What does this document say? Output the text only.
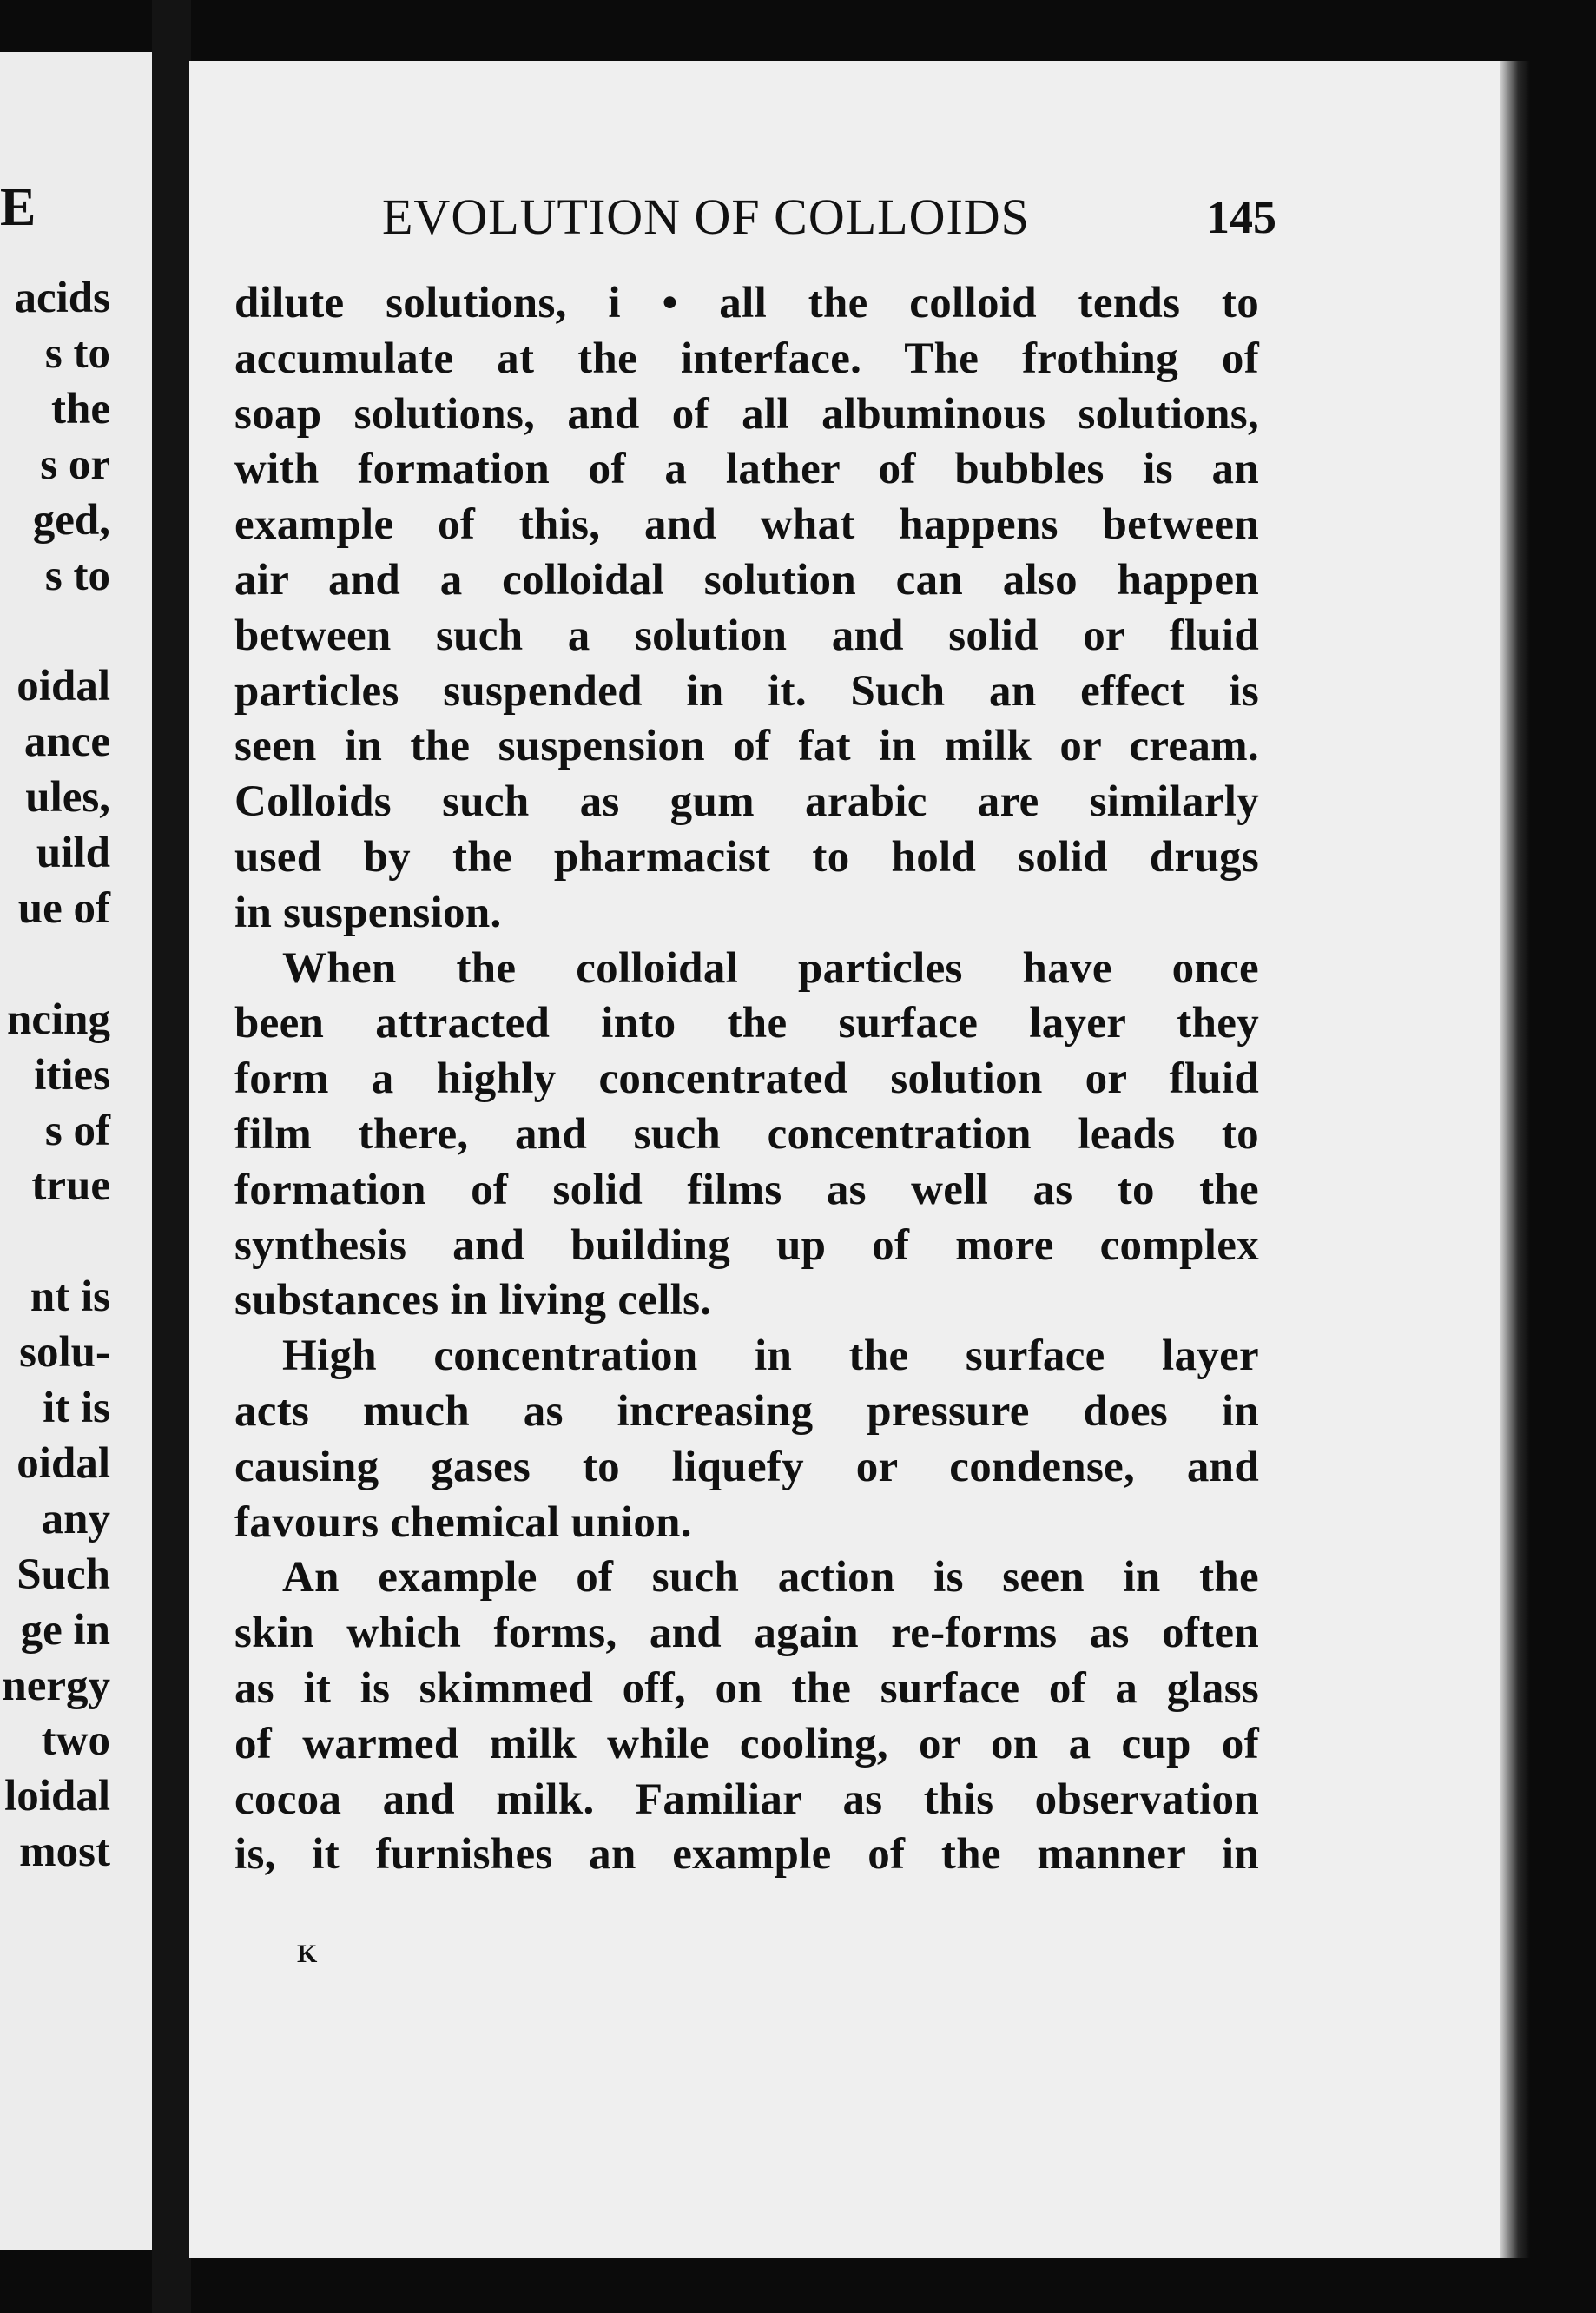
E
acids
s to
the
s or
ged,
s to
oidal
ance
ules,
uild
ue of
ncing
ities
s of
true
nt is
solu-
it is
oidal
any
Such
ge in
nergy
two
loidal
most
EVOLUTION OF COLLOIDS	145
dilute solutions, i • all the colloid tends to
accumulate at the interface. The frothing of
soap solutions, and of all albuminous solutions,
with formation of a lather of bubbles is an
example of this, and what happens between
air and a colloidal solution can also happen
between such a solution and solid or fluid
particles suspended in it. Such an effect is
seen in the suspension of fat in milk or cream.
Colloids such as gum arabic are similarly
used by the pharmacist to hold solid drugs
in suspension.
When the colloidal particles have once
been attracted into the surface layer they
form a highly concentrated solution or fluid
film there, and such concentration leads to
formation of solid films as well as to the
synthesis and building up of more complex
substances in living cells.
High concentration in the surface layer
acts much as increasing pressure does in
causing gases to liquefy or condense, and
favours chemical union.
An example of such action is seen in the
skin which forms, and again re-forms as often
as it is skimmed off, on the surface of a glass
of warmed milk while cooling, or on a cup of
cocoa and milk. Familiar as this observation
is, it furnishes an example of the manner in
K
